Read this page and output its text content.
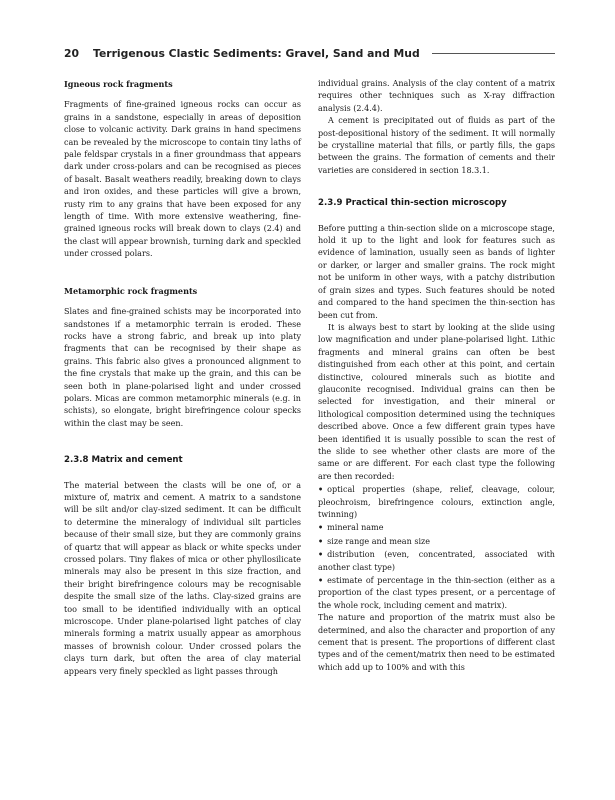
20 Terrigenous Clastic Sediments: Gravel, Sand and Mud
Igneous rock fragments

Fragments of fine-grained igneous rocks can occur as grains in a sandstone, especially in areas of deposition close to volcanic activity. Dark grains in hand specimens can be revealed by the microscope to contain tiny laths of pale feldspar crystals in a finer groundmass that appears dark under cross-polars and can be recognised as pieces of basalt. Basalt weathers readily, breaking down to clays and iron oxides, and these particles will give a brown, rusty rim to any grains that have been exposed for any length of time. With more extensive weathering, fine-grained igneous rocks will break down to clays (2.4) and the clast will appear brownish, turning dark and speckled under crossed polars.

Metamorphic rock fragments

Slates and fine-grained schists may be incorporated into sandstones if a metamorphic terrain is eroded. These rocks have a strong fabric, and break up into platy fragments that can be recognised by their shape as grains. This fabric also gives a pronounced alignment to the fine crystals that make up the grain, and this can be seen both in plane-polarised light and under crossed polars. Micas are common metamorphic minerals (e.g. in schists), so elongate, bright birefringence colour specks within the clast may be seen.

2.3.8 Matrix and cement

The material between the clasts will be one of, or a mixture of, matrix and cement. A matrix to a sandstone will be silt and/or clay-sized sediment. It can be difficult to determine the mineralogy of individual silt particles because of their small size, but they are commonly grains of quartz that will appear as black or white specks under crossed polars. Tiny flakes of mica or other phyllosilicate minerals may also be present in this size fraction, and their bright birefringence colours may be recognisable despite the small size of the laths. Clay-sized grains are too small to be identified individually with an optical microscope. Under plane-polarised light patches of clay minerals forming a matrix usually appear as amorphous masses of brownish colour. Under crossed polars the clays turn dark, but often the area of clay material appears very finely speckled as light passes through

individual grains. Analysis of the clay content of a matrix requires other techniques such as X-ray diffraction analysis (2.4.4).

A cement is precipitated out of fluids as part of the post-depositional history of the sediment. It will normally be crystalline material that fills, or partly fills, the gaps between the grains. The formation of cements and their varieties are considered in section 18.3.1.

2.3.9 Practical thin-section microscopy

Before putting a thin-section slide on a microscope stage, hold it up to the light and look for features such as evidence of lamination, usually seen as bands of lighter or darker, or larger and smaller grains. The rock might not be uniform in other ways, with a patchy distribution of grain sizes and types. Such features should be noted and compared to the hand specimen the thin-section has been cut from.

It is always best to start by looking at the slide using low magnification and under plane-polarised light. Lithic fragments and mineral grains can often be best distinguished from each other at this point, and certain distinctive, coloured minerals such as biotite and glauconite recognised. Individual grains can then be selected for investigation, and their mineral or lithological composition determined using the techniques described above. Once a few different grain types have been identified it is usually possible to scan the rest of the slide to see whether other clasts are more of the same or are different. For each clast type the following are then recorded:

• optical properties (shape, relief, cleavage, colour, pleochroism, birefringence colours, extinction angle, twinning)
• mineral name
• size range and mean size
• distribution (even, concentrated, associated with another clast type)
• estimate of percentage in the thin-section (either as a proportion of the clast types present, or a percentage of the whole rock, including cement and matrix).

The nature and proportion of the matrix must also be determined, and also the character and proportion of any cement that is present. The proportions of different clast types and of the cement/matrix then need to be estimated which add up to 100% and with this
